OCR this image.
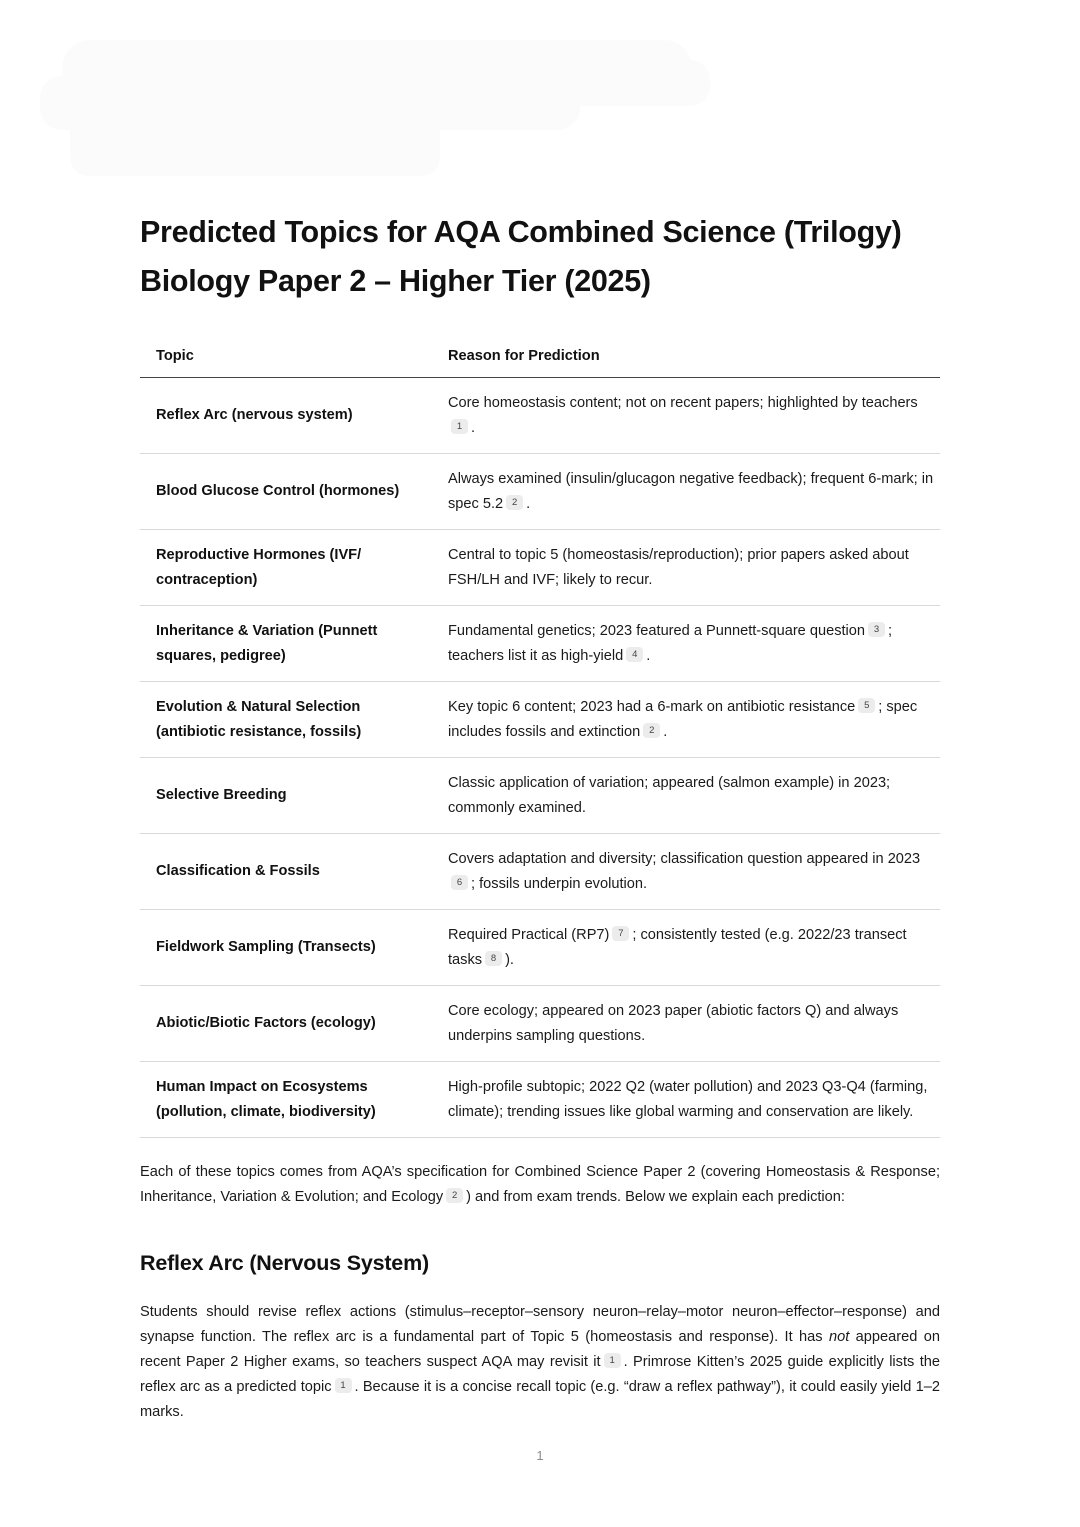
Predicted Topics for AQA Combined Science (Trilogy) Biology Paper 2 – Higher Tier (2025)
Topic	Reason for Prediction
Reflex Arc (nervous system)	Core homeostasis content; not on recent papers; highlighted by teachers1 .
Blood Glucose Control (hormones)	Always examined (insulin/glucagon negative feedback); frequent 6-mark; in spec 5.2 2 .
Reproductive Hormones (IVF/ contraception)	Central to topic 5 (homeostasis/reproduction); prior papers asked about FSH/LH and IVF; likely to recur.
Inheritance & Variation (Punnett squares, pedigree)	Fundamental genetics; 2023 featured a Punnett-square question 3 ; teachers list it as high-yield 4 .
Evolution & Natural Selection (antibiotic resistance, fossils)	Key topic 6 content; 2023 had a 6-mark on antibiotic resistance 5 ; spec includes fossils and extinction 2 .
Selective Breeding	Classic application of variation; appeared (salmon example) in 2023; commonly examined.
Classification & Fossils	Covers adaptation and diversity; classification question appeared in 20236 ; fossils underpin evolution.
Fieldwork Sampling (Transects)	Required Practical (RP7) 7 ; consistently tested (e.g. 2022/23 transect tasks 8 ).
Abiotic/Biotic Factors (ecology)	Core ecology; appeared on 2023 paper (abiotic factors Q) and always underpins sampling questions.
Human Impact on Ecosystems (pollution, climate, biodiversity)	High-profile subtopic; 2022 Q2 (water pollution) and 2023 Q3-Q4 (farming, climate); trending issues like global warming and conservation are likely.

Each of these topics comes from AQA’s specification for Combined Science Paper 2 (covering Homeostasis & Response; Inheritance, Variation & Evolution; and Ecology 2 ) and from exam trends. Below we explain each prediction:

Reflex Arc (Nervous System)

Students should revise reflex actions (stimulus–receptor–sensory neuron–relay–motor neuron–effector–response) and synapse function. The reflex arc is a fundamental part of Topic 5 (homeostasis and response). It has not appeared on recent Paper 2 Higher exams, so teachers suspect AQA may revisit it 1 . Primrose Kitten’s 2025 guide explicitly lists the reflex arc as a predicted topic 1 . Because it is a concise recall topic (e.g. “draw a reflex pathway”), it could easily yield 1–2 marks.

1
